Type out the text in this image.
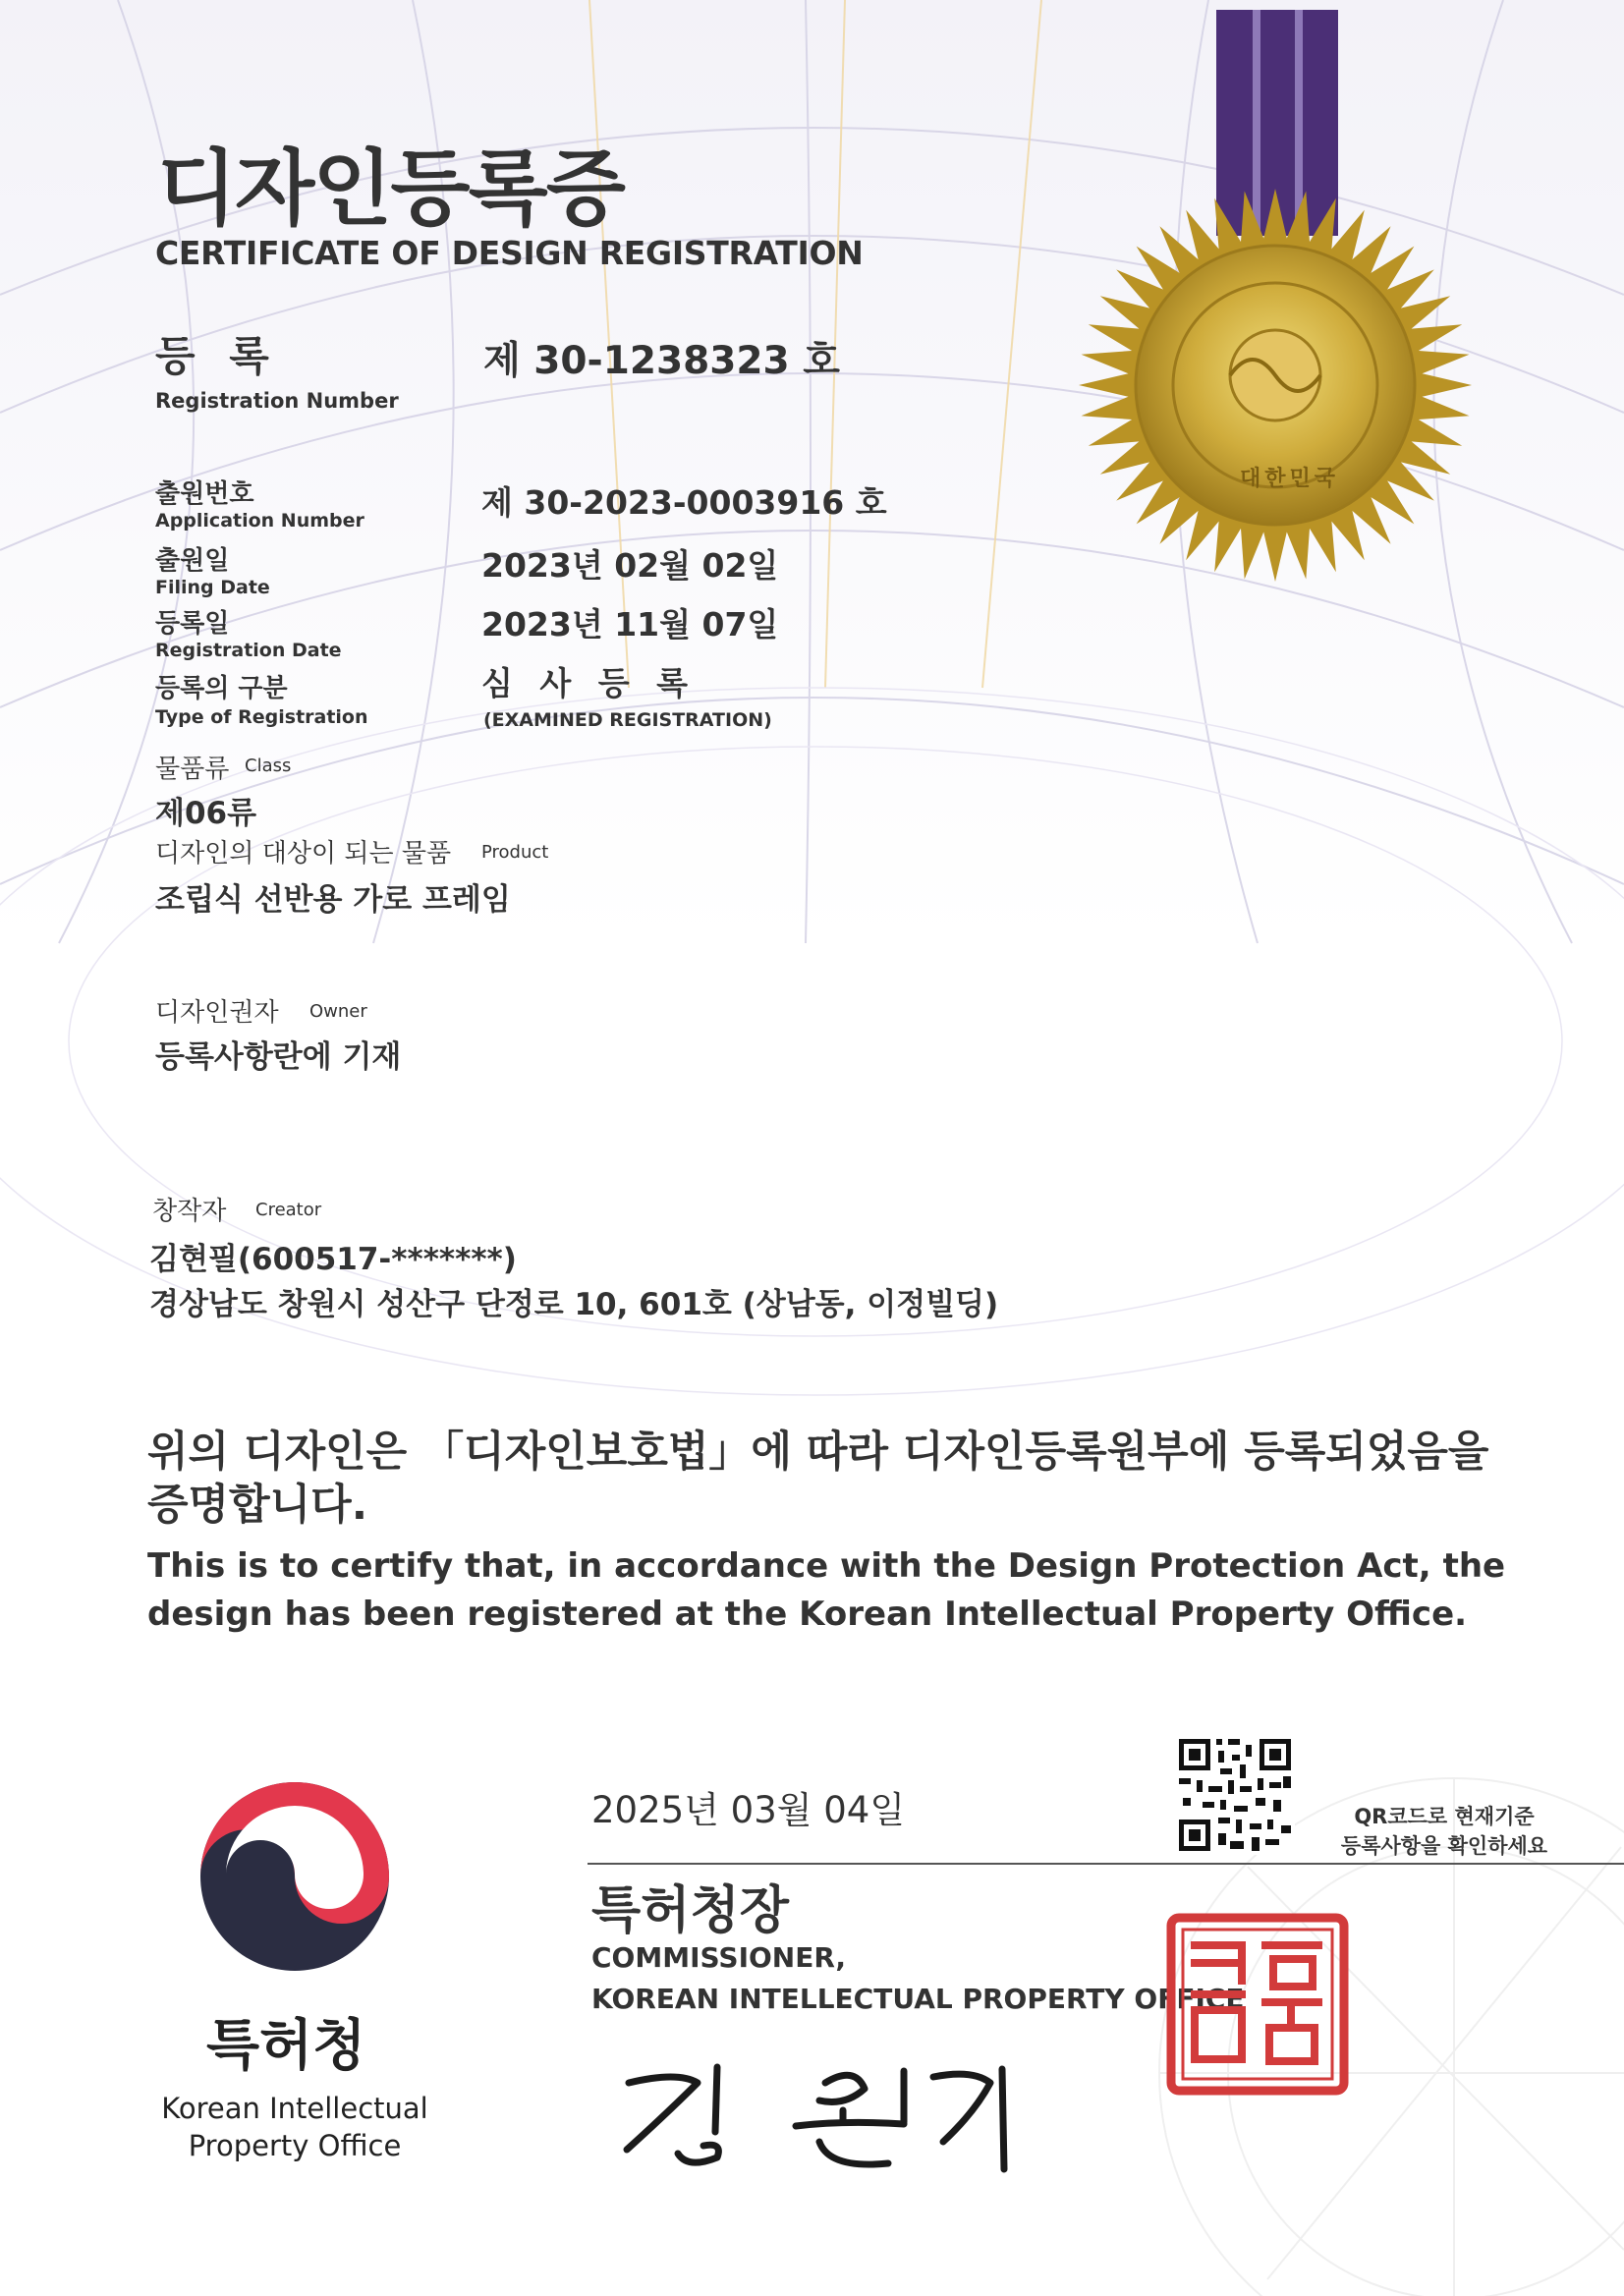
디자인등록증
CERTIFICATE OF DESIGN REGISTRATION
등 록
Registration Number
제 30-1238323 호
대한민국
출원번호
Application Number	제 30-2023-0003916 호
출원일
Filing Date
2023년 02월 02일
등록일
Registration Date
2023년 11월 07일
등록의 구분
Type of Registration
심 사 등 록
(EXAMINED REGISTRATION)
물품류 Class
제06류
디자인의 대상이 되는 물품 Product
조립식 선반용 가로 프레임
디자인권자 Owner
등록사항란에 기재
창작자 Creator
김현필(600517-*******)
경상남도 창원시 성산구 단정로 10, 601호 (상남동, 이정빌딩)
위의 디자인은 「디자인보호법」에 따라 디자인등록원부에 등록되었음을 증명합니다.
This is to certify that, in accordance with the Design Protection Act, the design has been registered at the Korean Intellectual Property Office.
QR코드로 현재기준
등록사항을 확인하세요
2025년 03월 04일
특허청장
COMMISSIONER,
KOREAN INTELLECTUAL PROPERTY OFFICE
특허청
Korean Intellectual
Property Office
